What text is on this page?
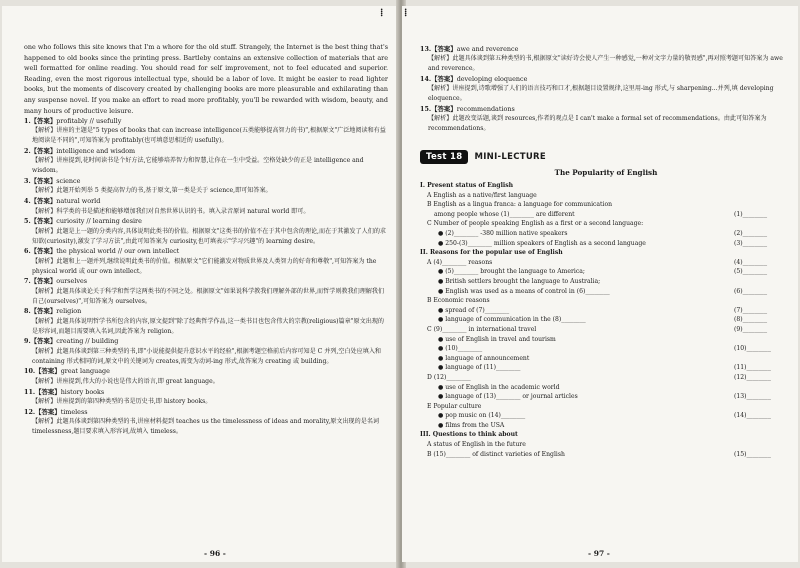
⁞

one who follows this site knows that I'm a whore for the old stuff. Strangely, the Internet is the best thing that's happened to old books since the printing press. Bartleby contains an extensive collection of materials that are well formatted for online reading. You should read for self improvement, not to feel educated and superior. Reading, even the most rigorous intellectual type, should be a labor of love. It might be easier to read lighter books, but the moments of discovery created by challenging books are more pleasurable and exhilarating than any suspense novel. If you make an effort to read more profitably, you'll be rewarded with wisdom, beauty, and many hours of productive leisure.

1.【答案】profitably // usefully

【解析】讲座的主题是"5 types of books that can increase intelligence(五类能够提高智力的书)",根据原文"广泛地阅读和有益地阅读是不同的",可知答案为 profitably(也可填意思相近的 usefully)。

2.【答案】intelligence and wisdom

【解析】讲座提到,花时间读书是个好方法,它能够培养智力和智慧,让你在一生中受益。空格处缺少的正是 intelligence and wisdom。

3.【答案】science

【解析】此题开始列举 5 类提高智力的书,基于原文,第一类是关于 science,即可知答案。

4.【答案】natural world

【解析】科学类的书是描述和能够增加我们对自然世界认识的书。填入录音原词 natural world 即可。

5.【答案】curiosity // learning desire

【解析】此题是上一题的分类内容,具体说明此类书的价值。根据原文"这类书的价值不在于其中包含的理论,而在于其激发了人们的求知欲(curiosity),激发了学习方法",由此可知答案为 curiosity,也可填表示"学习兴趣"的 learning desire。

6.【答案】the physical world // our own intellect

【解析】此题和上一题并列,继续说明此类书的价值。根据原文"它们能激发对物质世界及人类智力的好奇和尊敬",可知答案为 the physical world 或 our own intellect。

7.【答案】ourselves

【解析】此题具体谈论关于科学和哲学这两类书的不同之处。根据原文"如果说科学教我们理解外部的世界,而哲学则教我们理解我们自己(ourselves)",可知答案为 ourselves。

8.【答案】religion

【解析】此题具体说明哲学书所包含的内容,原文提到"除了经典哲学作品,这一类书目也包含伟大的宗教(religious)篇章"原文出现的是形容词,而题目需要填入名词,因此答案为 religion。

9.【答案】creating // building

【解析】此题具体谈到第三种类型的书,即"小说能提供提升意识水平的经验",根据考题空格前后内容可知是 C 并列,空白处应填入和 containing 形式相同的词,原文中的关键词为 creates,需变为动词-ing 形式,故答案为 creating 或 building。

10.【答案】great language

【解析】讲座提到,伟大的小说也是伟大的语言,即 great language。

11.【答案】history books

【解析】讲座提到的第四种类型的书是历史书,即 history books。

12.【答案】timeless

【解析】此题具体谈到第四种类型的书,讲座材料提到 teaches us the timelessness of ideas and morality,原文出现的是名词 timelessness,题目要求填入形容词,故填入 timeless。

- 96 -
⁞

13.【答案】awe and reverence

【解析】此题具体谈到第五种类型的书,根据原文"读好诗会使人产生一种感觉,一种对文字力量的敬畏感",再对照考题可知答案为 awe and reverence。

14.【答案】developing eloquence

【解析】讲座提到,诗歌增强了人们的语言技巧和口才,根据题目设置规律,这里用-ing 形式,与 sharpening...并列,填 developing eloquence。

15.【答案】recommendations

【解析】此题改变话题,谈到 resources,作者的观点是 I can't make a formal set of recommendations。由此可知答案为 recommendations。

Test 18	MINI-LECTURE
The Popularity of English
I. Present status of English
A English as a native/first language
B English as a lingua franca: a language for communication
among people whose (1)________ are different	(1)________
C Number of people speaking English as a first or a second language:
● (2)________ -380 million native speakers	(2)________
● 250-(3)________ million speakers of English as a second language	(3)________
II. Reasons for the popular use of English
A (4)________ reasons	(4)________
● (5)________ brought the language to America;	(5)________
● British settlers brought the language to Australia;
● English was used as a means of control in (6)________	(6)________
B Economic reasons
● spread of (7)________	(7)________
● language of communication in the (8)________	(8)________
C (9)________ in international travel	(9)________
● use of English in travel and tourism
● (10)________	(10)________
● language of announcement
● language of (11)________	(11)________
D (12)________	(12)________
● use of English in the academic world
● language of (13)________ or journal articles	(13)________
E Popular culture
● pop music on (14)________	(14)________
● films from the USA
III. Questions to think about
A status of English in the future
B (15)________ of distinct varieties of English	(15)________
- 97 -
